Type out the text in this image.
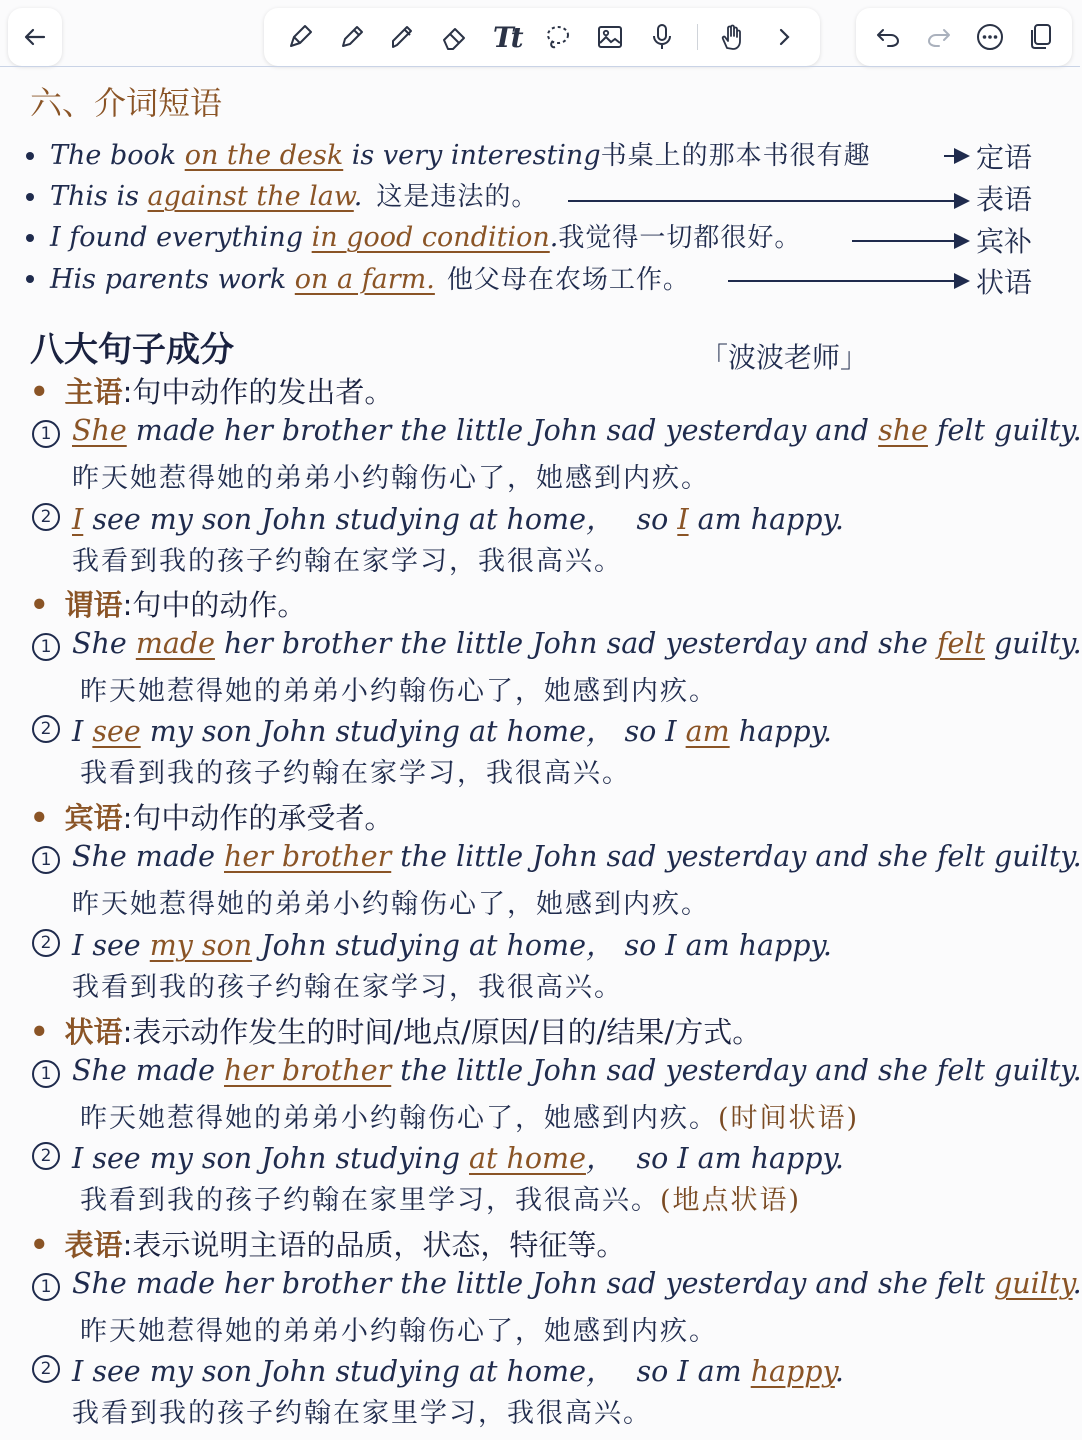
Tt
六、介词短语
The book on the desk is very interesting书桌上的那本书很有趣	定语
This is against the law. 这是违法的。	表语
I found everything in good condition.我觉得一切都很好。	宾补
His parents work on a farm. 他父母在农场工作。	状语
八大句子成分	「波波老师」
• 主语:句中动作的发出者。
1 She made her brother the little John sad yesterday and she felt guilty.
昨天她惹得她的弟弟小约翰伤心了，她感到内疚。
2 I see my son John studying at home， so I am happy.
我看到我的孩子约翰在家学习，我很高兴。
• 谓语:句中的动作。
1 She made her brother the little John sad yesterday and she felt guilty.
昨天她惹得她的弟弟小约翰伤心了，她感到内疚。
2 I see my son John studying at home， so I am happy.
我看到我的孩子约翰在家学习，我很高兴。
• 宾语:句中动作的承受者。
1 She made her brother the little John sad yesterday and she felt guilty.
昨天她惹得她的弟弟小约翰伤心了，她感到内疚。
2 I see my son John studying at home， so I am happy.
我看到我的孩子约翰在家学习，我很高兴。
• 状语:表示动作发生的时间/地点/原因/目的/结果/方式。
1 She made her brother the little John sad yesterday and she felt guilty.
昨天她惹得她的弟弟小约翰伤心了，她感到内疚。(时间状语)
2 I see my son John studying at home， so I am happy.
我看到我的孩子约翰在家里学习，我很高兴。(地点状语)
• 表语:表示说明主语的品质，状态，特征等。
1 She made her brother the little John sad yesterday and she felt guilty.
昨天她惹得她的弟弟小约翰伤心了，她感到内疚。
2 I see my son John studying at home， so I am happy.
我看到我的孩子约翰在家里学习，我很高兴。
